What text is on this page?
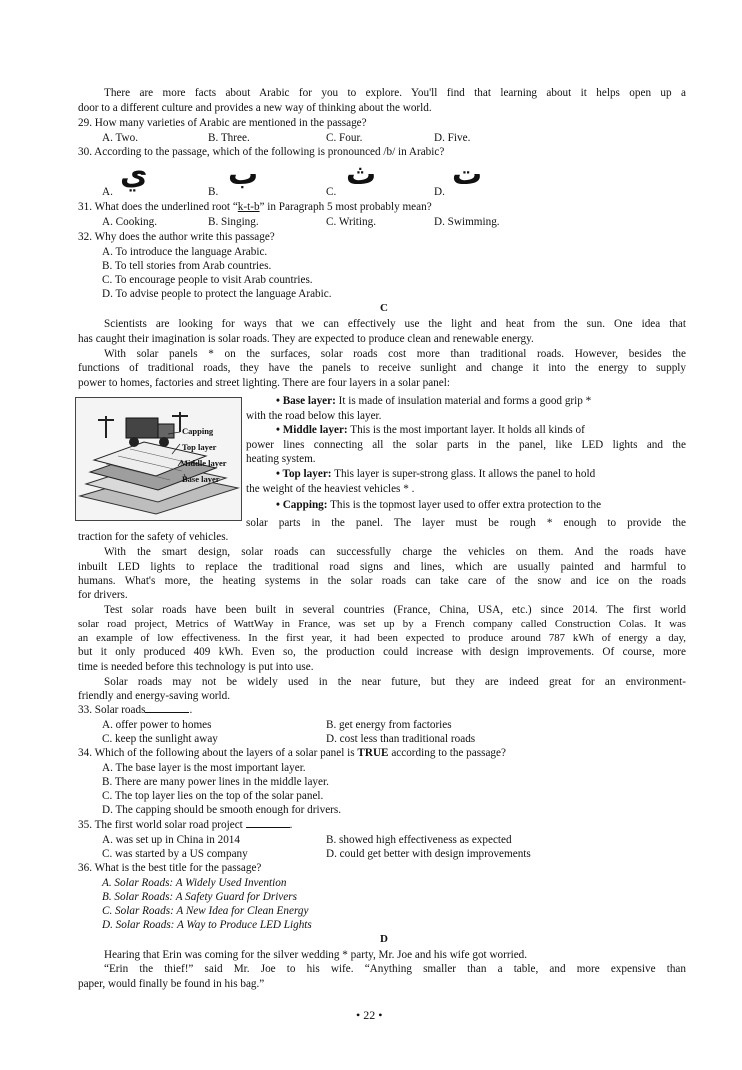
There are more facts about Arabic for you to explore. You'll find that learning about it helps open up a
door to a different culture and provides a new way of thinking about the world.
29. How many varieties of Arabic are mentioned in the passage?
A. Two.	B. Three.	C. Four.	D. Five.
30. According to the passage, which of the following is pronounced /b/ in Arabic?
A. ي	B. ب	C. ث	D. ت
31. What does the underlined root “k-t-b” in Paragraph 5 most probably mean?
A. Cooking.	B. Singing.	C. Writing.	D. Swimming.
32. Why does the author write this passage?
A. To introduce the language Arabic.
B. To tell stories from Arab countries.
C. To encourage people to visit Arab countries.
D. To advise people to protect the language Arabic.
C
Scientists are looking for ways that we can effectively use the light and heat from the sun. One idea that
has caught their imagination is solar roads. They are expected to produce clean and renewable energy.
With solar panels * on the surfaces, solar roads cost more than traditional roads. However, besides the
functions of traditional roads, they have the panels to receive sunlight and change it into the energy to supply
power to homes, factories and street lighting. There are four layers in a solar panel:
Capping
Top layer
Middle layer
Base layer
• Base layer: It is made of insulation material and forms a good grip *
with the road below this layer.
• Middle layer: This is the most important layer. It holds all kinds of
power lines connecting all the solar parts in the panel, like LED lights and the
heating system.
• Top layer: This layer is super-strong glass. It allows the panel to hold
the weight of the heaviest vehicles * .
• Capping: This is the topmost layer used to offer extra protection to the
solar parts in the panel. The layer must be rough * enough to provide the
traction for the safety of vehicles.
With the smart design, solar roads can successfully charge the vehicles on them. And the roads have
inbuilt LED lights to replace the traditional road signs and lines, which are usually painted and harmful to
humans. What's more, the heating systems in the solar roads can take care of the snow and ice on the roads
for drivers.
Test solar roads have been built in several countries (France, China, USA, etc.) since 2014. The first world
solar road project, Metrics of WattWay in France, was set up by a French company called Construction Colas. It was
an example of low effectiveness. In the first year, it had been expected to produce around 787 kWh of energy a day,
but it only produced 409 kWh. Even so, the production could increase with design improvements. Of course, more
time is needed before this technology is put into use.
Solar roads may not be widely used in the near future, but they are indeed great for an environment-
friendly and energy-saving world.
33. Solar roads	.
A. offer power to homes	B. get energy from factories
C. keep the sunlight away	D. cost less than traditional roads
34. Which of the following about the layers of a solar panel is TRUE according to the passage?
A. The base layer is the most important layer.
B. There are many power lines in the middle layer.
C. The top layer lies on the top of the solar panel.
D. The capping should be smooth enough for drivers.
35. The first world solar road project	.
A. was set up in China in 2014	B. showed high effectiveness as expected
C. was started by a US company	D. could get better with design improvements
36. What is the best title for the passage?
A. Solar Roads: A Widely Used Invention
B. Solar Roads: A Safety Guard for Drivers
C. Solar Roads: A New Idea for Clean Energy
D. Solar Roads: A Way to Produce LED Lights
D
Hearing that Erin was coming for the silver wedding * party, Mr. Joe and his wife got worried.
“Erin the thief!” said Mr. Joe to his wife. “Anything smaller than a table, and more expensive than
paper, would finally be found in his bag.”
• 22 •
